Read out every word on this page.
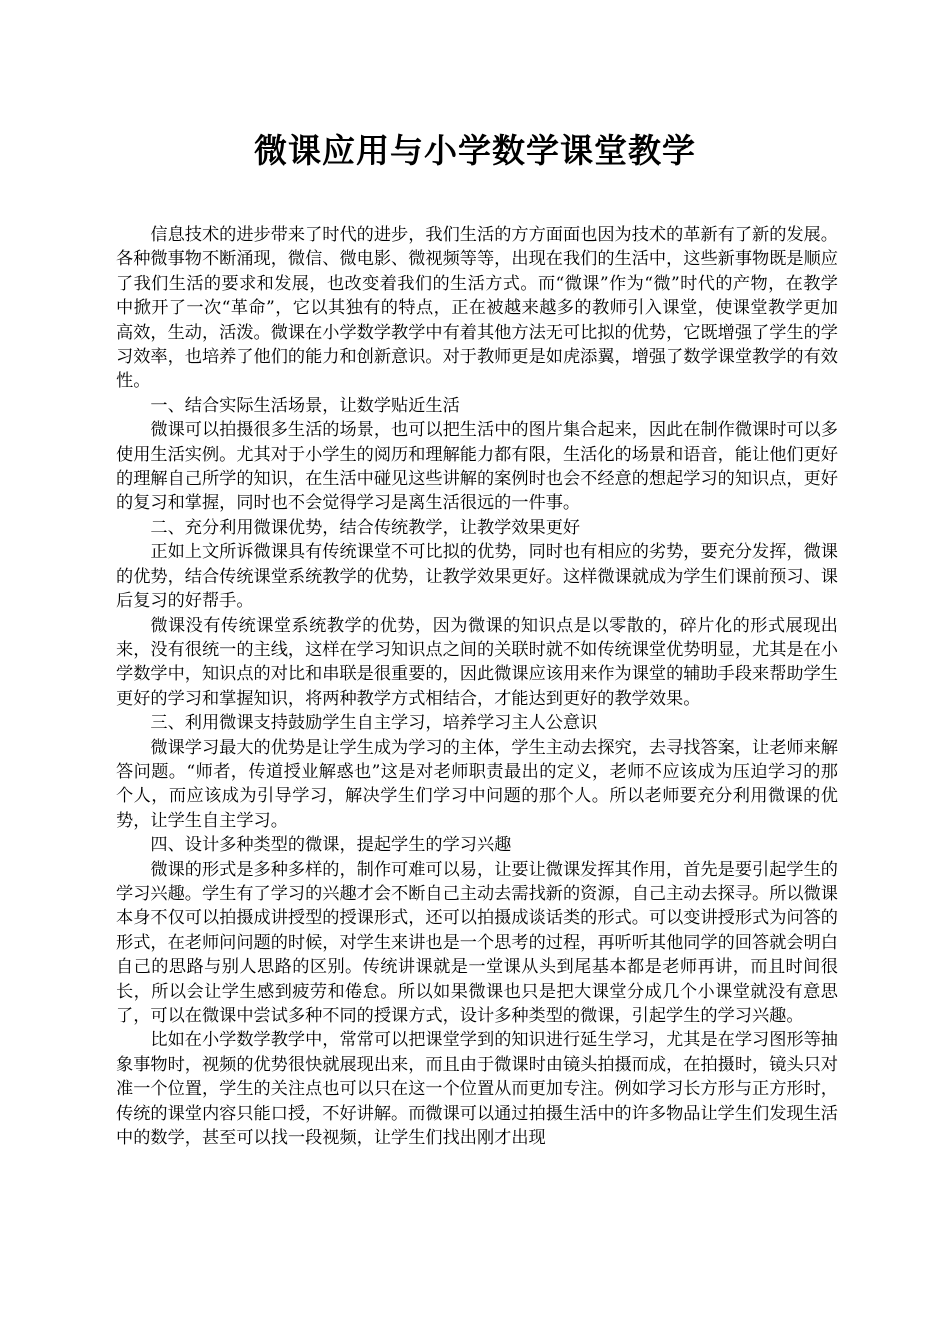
微课应用与小学数学课堂教学

信息技术的进步带来了时代的进步，我们生活的方方面面也因为技术的革新有了新的发展。各种微事物不断涌现，微信、微电影、微视频等等，出现在我们的生活中，这些新事物既是顺应了我们生活的要求和发展，也改变着我们的生活方式。而“微课”作为“微”时代的产物，在教学中掀开了一次“革命”，它以其独有的特点，正在被越来越多的教师引入课堂，使课堂教学更加高效，生动，活泼。微课在小学数学教学中有着其他方法无可比拟的优势，它既增强了学生的学习效率，也培养了他们的能力和创新意识。对于教师更是如虎添翼，增强了数学课堂教学的有效性。

一、结合实际生活场景，让数学贴近生活

微课可以拍摄很多生活的场景，也可以把生活中的图片集合起来，因此在制作微课时可以多使用生活实例。尤其对于小学生的阅历和理解能力都有限，生活化的场景和语音，能让他们更好的理解自己所学的知识，在生活中碰见这些讲解的案例时也会不经意的想起学习的知识点，更好的复习和掌握，同时也不会觉得学习是离生活很远的一件事。

二、充分利用微课优势，结合传统教学，让教学效果更好

正如上文所诉微课具有传统课堂不可比拟的优势，同时也有相应的劣势，要充分发挥，微课的优势，结合传统课堂系统教学的优势，让教学效果更好。这样微课就成为学生们课前预习、课后复习的好帮手。

微课没有传统课堂系统教学的优势，因为微课的知识点是以零散的，碎片化的形式展现出来，没有很统一的主线，这样在学习知识点之间的关联时就不如传统课堂优势明显，尤其是在小学数学中，知识点的对比和串联是很重要的，因此微课应该用来作为课堂的辅助手段来帮助学生更好的学习和掌握知识，将两种教学方式相结合，才能达到更好的教学效果。

三、利用微课支持鼓励学生自主学习，培养学习主人公意识

微课学习最大的优势是让学生成为学习的主体，学生主动去探究，去寻找答案，让老师来解答问题。“师者，传道授业解惑也”这是对老师职责最出的定义，老师不应该成为压迫学习的那个人，而应该成为引导学习，解决学生们学习中问题的那个人。所以老师要充分利用微课的优势，让学生自主学习。

四、设计多种类型的微课，提起学生的学习兴趣

微课的形式是多种多样的，制作可难可以易，让要让微课发挥其作用，首先是要引起学生的学习兴趣。学生有了学习的兴趣才会不断自己主动去需找新的资源，自己主动去探寻。所以微课本身不仅可以拍摄成讲授型的授课形式，还可以拍摄成谈话类的形式。可以变讲授形式为问答的形式，在老师问问题的时候，对学生来讲也是一个思考的过程，再听听其他同学的回答就会明白自己的思路与别人思路的区别。传统讲课就是一堂课从头到尾基本都是老师再讲，而且时间很长，所以会让学生感到疲劳和倦怠。所以如果微课也只是把大课堂分成几个小课堂就没有意思了，可以在微课中尝试多种不同的授课方式，设计多种类型的微课，引起学生的学习兴趣。

比如在小学数学教学中，常常可以把课堂学到的知识进行延生学习，尤其是在学习图形等抽象事物时，视频的优势很快就展现出来，而且由于微课时由镜头拍摄而成，在拍摄时，镜头只对准一个位置，学生的关注点也可以只在这一个位置从而更加专注。例如学习长方形与正方形时，传统的课堂内容只能口授，不好讲解。而微课可以通过拍摄生活中的许多物品让学生们发现生活中的数学，甚至可以找一段视频，让学生们找出刚才出现
